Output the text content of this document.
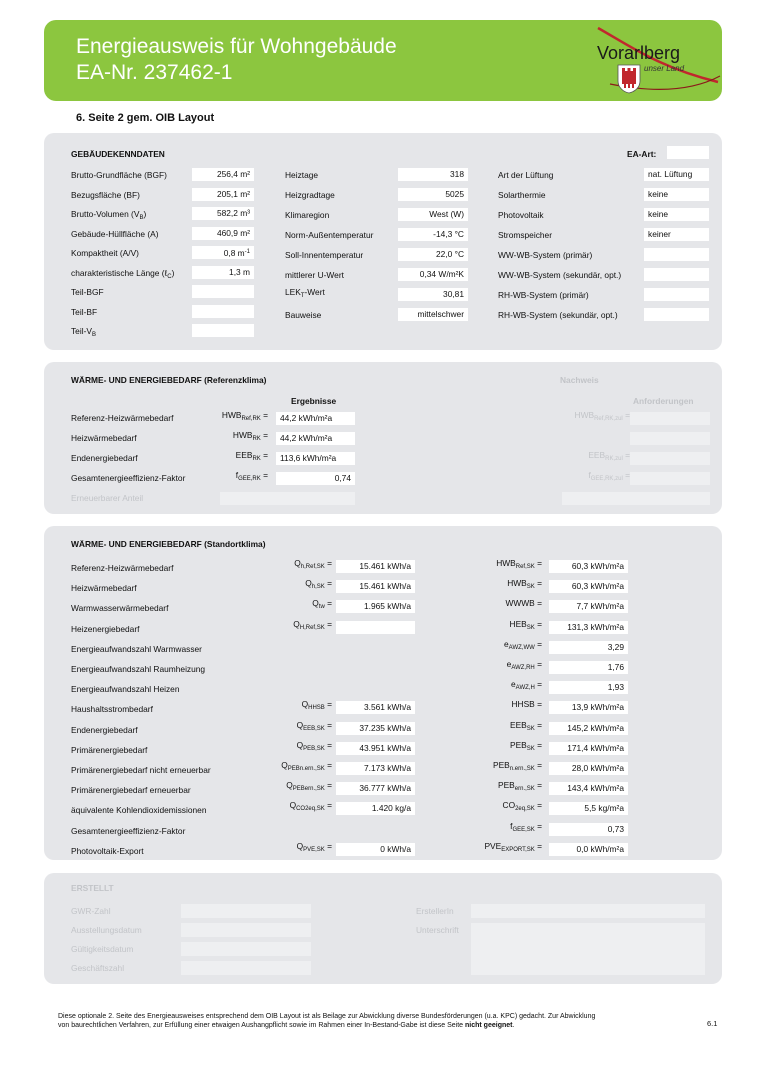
Energieausweis für Wohngebäude
EA-Nr. 237462-1
Vorarlberg
unser Land
6. Seite 2 gem. OIB Layout
GEBÄUDEKENNDATEN	EA-Art:
Brutto-Grundfläche (BGF)	256,4 m²
Bezugsfläche (BF)	205,1 m²
Brutto-Volumen $(V_B)$	582,2 m³
Gebäude-Hüllfläche (A)	460,9 m²
Kompaktheit (A/V)	0,8 $m^{-1}$
charakteristische Länge (ℓ$_C$)	1,3 m
Teil-BGF
Teil-BF
Teil-$V_B$
Heiztage	318
Heizgradtage	5025
Klimaregion	West (W)
Norm-Außentemperatur	-14,3 °C
Soll-Innentemperatur	22,0 °C
mittlerer U-Wert	0,34 W/m²K
$LEK_T$-Wert	30,81
Bauweise	mittelschwer
Art der Lüftung	nat. Lüftung
Solarthermie	keine
Photovoltaik	keine
Stromspeicher	keiner
WW-WB-System (primär)
WW-WB-System (sekundär, opt.)
RH-WB-System (primär)
RH-WB-System (sekundär, opt.)
WÄRME- UND ENERGIEBEDARF (Referenzklima)
Ergebnisse
Nachweis
Anforderungen
Referenz-Heizwärmebedarf	$HWB_{Ref,RK}$ =	44,2 kWh/m²a	$HWB_{Ref,RK,zul}$ =
Heizwärmebedarf	$HWB_{RK}$ =	44,2 kWh/m²a
Endenergiebedarf	$EEB_{RK}$ =	113,6 kWh/m²a	$EEB_{RK,zul}$ =
Gesamtenergieeffizienz-Faktor	$f_{GEE,RK}$ =	0,74	$f_{GEE,RK,zul}$ =
Erneuerbarer Anteil
WÄRME- UND ENERGIEBEDARF (Standortklima)
Referenz-Heizwärmebedarf	$Q_{h,Ref,SK}$ =	15.461 kWh/a	$HWB_{Ref,SK}$ =	60,3 kWh/m²a
Heizwärmebedarf	$Q_{h,SK}$ =	15.461 kWh/a	$HWB_{SK}$ =	60,3 kWh/m²a
Warmwasserwärmebedarf	$Q_{tw}$ =	1.965 kWh/a	WWWB =	7,7 kWh/m²a
Heizenergiebedarf	$Q_{H,Ref,SK}$ =	$HEB_{SK}$ =	131,3 kWh/m²a
Energieaufwandszahl Warmwasser	$e_{AWZ,WW}$ =	3,29
Energieaufwandszahl Raumheizung	$e_{AWZ,RH}$ =	1,76
Energieaufwandszahl Heizen	$e_{AWZ,H}$ =	1,93
Haushaltsstrombedarf	$Q_{HHSB}$ =	3.561 kWh/a	HHSB =	13,9 kWh/m²a
Endenergiebedarf	$Q_{EEB,SK}$ =	37.235 kWh/a	$EEB_{SK}$ =	145,2 kWh/m²a
Primärenergiebedarf	$Q_{PEB,SK}$ =	43.951 kWh/a	$PEB_{SK}$ =	171,4 kWh/m²a
Primärenergiebedarf nicht erneuerbar	$Q_{PEBn.ern.,SK}$ =	7.173 kWh/a	$PEB_{n.ern.,SK}$ =	28,0 kWh/m²a
Primärenergiebedarf erneuerbar	$Q_{PEBern.,SK}$ =	36.777 kWh/a	$PEB_{ern.,SK}$ =	143,4 kWh/m²a
äquivalente Kohlendioxidemissionen	$Q_{CO2eq,SK}$ =	1.420 kg/a	$CO_{2eq,SK}$ =	5,5 kg/m²a
Gesamtenergieeffizienz-Faktor	$f_{GEE,SK}$ =	0,73
Photovoltaik-Export	$Q_{PVE,SK}$ =	0 kWh/a	$PVE_{EXPORT,SK}$ =	0,0 kWh/m²a
ERSTELLT
GWR-Zahl
Ausstellungsdatum
Gültigkeitsdatum
Geschäftszahl
ErstellerIn
Unterschrift
Diese optionale 2. Seite des Energieausweises entsprechend dem OIB Layout ist als Beilage zur Abwicklung diverse Bundesförderungen (u.a. KPC) gedacht. Zur Abwicklung
von baurechtlichen Verfahren, zur Erfüllung einer etwaigen Aushangpflicht sowie im Rahmen einer In-Bestand-Gabe ist diese Seite nicht geeignet.	6.1
